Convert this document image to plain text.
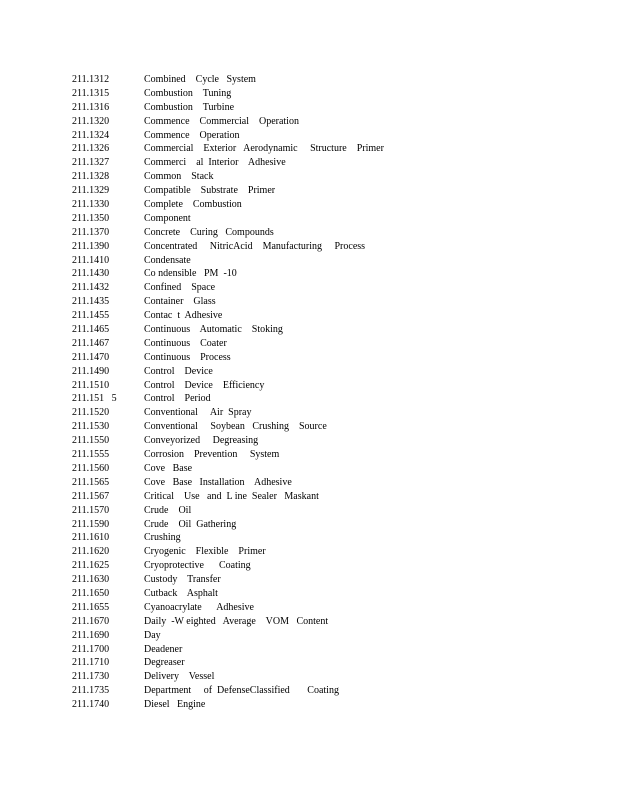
211.1312	Combined    Cycle   System
211.1315	Combustion    Tuning
211.1316	Combustion    Turbine
211.1320	Commence    Commercial    Operation
211.1324	Commence    Operation
211.1326	Commercial    Exterior   Aerodynamic     Structure    Primer
211.1327	Commerci    al  Interior    Adhesive
211.1328	Common    Stack
211.1329	Compatible    Substrate    Primer
211.1330	Complete    Combustion
211.1350	Component
211.1370	Concrete    Curing   Compounds
211.1390	Concentrated     NitricAcid    Manufacturing     Process
211.1410	Condensate
211.1430	Co ndensible   PM  -10
211.1432	Confined    Space
211.1435	Container    Glass
211.1455	Contac  t  Adhesive
211.1465	Continuous    Automatic    Stoking
211.1467	Continuous    Coater
211.1470	Continuous    Process
211.1490	Control    Device
211.1510	Control    Device    Efficiency
211.151   5	Control    Period
211.1520	Conventional     Air  Spray
211.1530	Conventional     Soybean   Crushing    Source
211.1550	Conveyorized     Degreasing
211.1555	Corrosion    Prevention     System
211.1560	Cove   Base
211.1565	Cove   Base   Installation    Adhesive
211.1567	Critical    Use   and  L ine  Sealer   Maskant
211.1570	Crude    Oil
211.1590	Crude    Oil  Gathering
211.1610	Crushing
211.1620	Cryogenic    Flexible    Primer
211.1625	Cryoprotective      Coating
211.1630	Custody    Transfer
211.1650	Cutback    Asphalt
211.1655	Cyanoacrylate      Adhesive
211.1670	Daily  -W eighted   Average    VOM   Content
211.1690	Day
211.1700	Deadener
211.1710	Degreaser
211.1730	Delivery    Vessel
211.1735	Department     of  DefenseClassified       Coating
211.1740	Diesel   Engine
